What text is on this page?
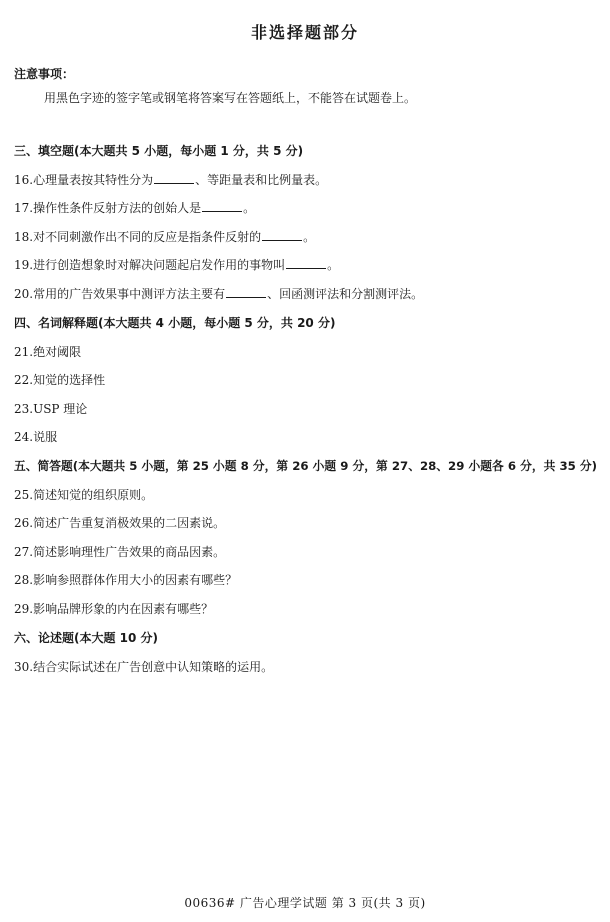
非选择题部分
注意事项：
用黑色字迹的签字笔或钢笔将答案写在答题纸上，不能答在试题卷上。
三、填空题(本大题共 5 小题，每小题 1 分，共 5 分)
16.心理量表按其特性分为	、等距量表和比例量表。
17.操作性条件反射方法的创始人是	。
18.对不同刺激作出不同的反应是指条件反射的	。
19.进行创造想象时对解决问题起启发作用的事物叫	。
20.常用的广告效果事中测评方法主要有	、回函测评法和分割测评法。
四、名词解释题(本大题共 4 小题，每小题 5 分，共 20 分)
21.绝对阈限
22.知觉的选择性
23.USP 理论
24.说服
五、简答题(本大题共 5 小题，第 25 小题 8 分，第 26 小题 9 分，第 27、28、29 小题各 6 分，共 35 分)
25.简述知觉的组织原则。
26.简述广告重复消极效果的二因素说。
27.简述影响理性广告效果的商品因素。
28.影响参照群体作用大小的因素有哪些？
29.影响品牌形象的内在因素有哪些？
六、论述题(本大题 10 分)
30.结合实际试述在广告创意中认知策略的运用。
00636# 广告心理学试题 第 3 页(共 3 页)
